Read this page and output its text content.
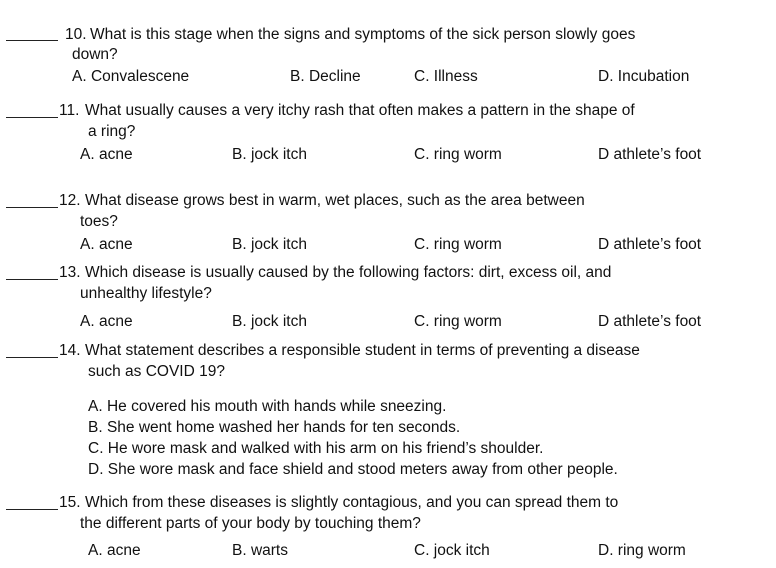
10. What is this stage when the signs and symptoms of the sick person slowly goes
down?
A. Convalescene	B. Decline	C. Illness	D. Incubation
11. What usually causes a very itchy rash that often makes a pattern in the shape of
a ring?
A. acne	B. jock itch	C. ring worm	D athlete’s foot
12. What disease grows best in warm, wet places, such as the area between
toes?
A. acne	B. jock itch	C. ring worm	D athlete’s foot
13. Which disease is usually caused by the following factors: dirt, excess oil, and
unhealthy lifestyle?
A. acne	B. jock itch	C. ring worm	D athlete’s foot
14. What statement describes a responsible student in terms of preventing a disease
such as COVID 19?
A. He covered his mouth with hands while sneezing.
B. She went home washed her hands for ten seconds.
C. He wore mask and walked with his arm on his friend’s shoulder.
D. She wore mask and face shield and stood meters away from other people.
15. Which from these diseases is slightly contagious, and you can spread them to
the different parts of your body by touching them?
A. acne	B. warts	C. jock itch	D. ring worm
